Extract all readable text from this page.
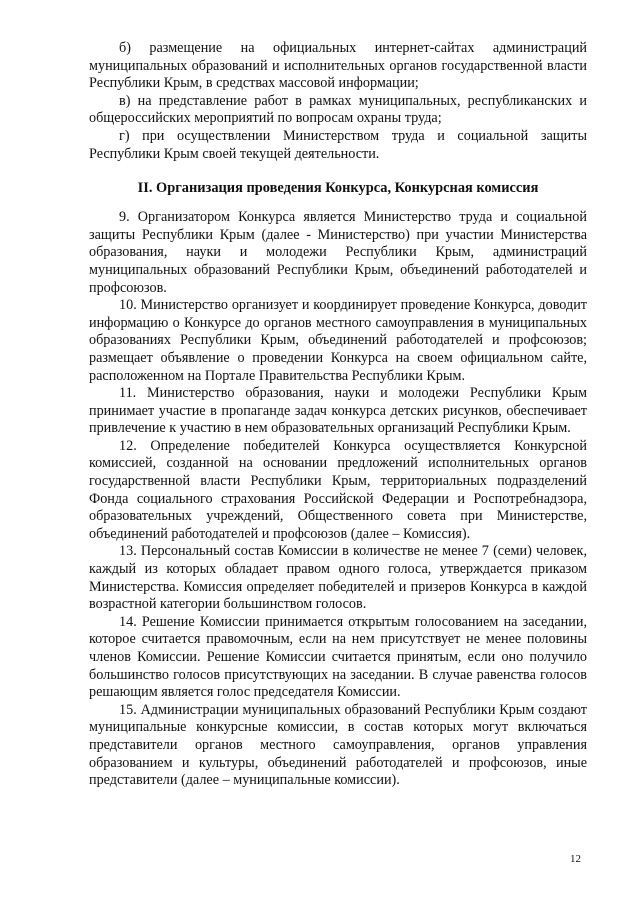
б) размещение на официальных интернет-сайтах администраций муниципальных образований и исполнительных органов государственной власти Республики Крым, в средствах массовой информации;

в) на представление работ в рамках муниципальных, республиканских и общероссийских мероприятий по вопросам охраны труда;

г) при осуществлении Министерством труда и социальной защиты Республики Крым своей текущей деятельности.

II. Организация проведения Конкурса, Конкурсная комиссия

9. Организатором Конкурса является Министерство труда и социальной защиты Республики Крым (далее - Министерство) при участии Министерства образования, науки и молодежи Республики Крым, администраций муниципальных образований Республики Крым, объединений работодателей и профсоюзов.

10. Министерство организует и координирует проведение Конкурса, доводит информацию о Конкурсе до органов местного самоуправления в муниципальных образованиях Республики Крым, объединений работодателей и профсоюзов; размещает объявление о проведении Конкурса на своем официальном сайте, расположенном на Портале Правительства Республики Крым.

11. Министерство образования, науки и молодежи Республики Крым принимает участие в пропаганде задач конкурса детских рисунков, обеспечивает привлечение к участию в нем образовательных организаций Республики Крым.

12. Определение победителей Конкурса осуществляется Конкурсной комиссией, созданной на основании предложений исполнительных органов государственной власти Республики Крым, территориальных подразделений Фонда социального страхования Российской Федерации и Роспотребнадзора, образовательных учреждений, Общественного совета при Министерстве, объединений работодателей и профсоюзов (далее – Комиссия).

13. Персональный состав Комиссии в количестве не менее 7 (семи) человек, каждый из которых обладает правом одного голоса, утверждается приказом Министерства. Комиссия определяет победителей и призеров Конкурса в каждой возрастной категории большинством голосов.

14. Решение Комиссии принимается открытым голосованием на заседании, которое считается правомочным, если на нем присутствует не менее половины членов Комиссии. Решение Комиссии считается принятым, если оно получило большинство голосов присутствующих на заседании. В случае равенства голосов решающим является голос председателя Комиссии.

15. Администрации муниципальных образований Республики Крым создают муниципальные конкурсные комиссии, в состав которых могут включаться представители органов местного самоуправления, органов управления образованием и культуры, объединений работодателей и профсоюзов, иные представители (далее – муниципальные комиссии).

12
